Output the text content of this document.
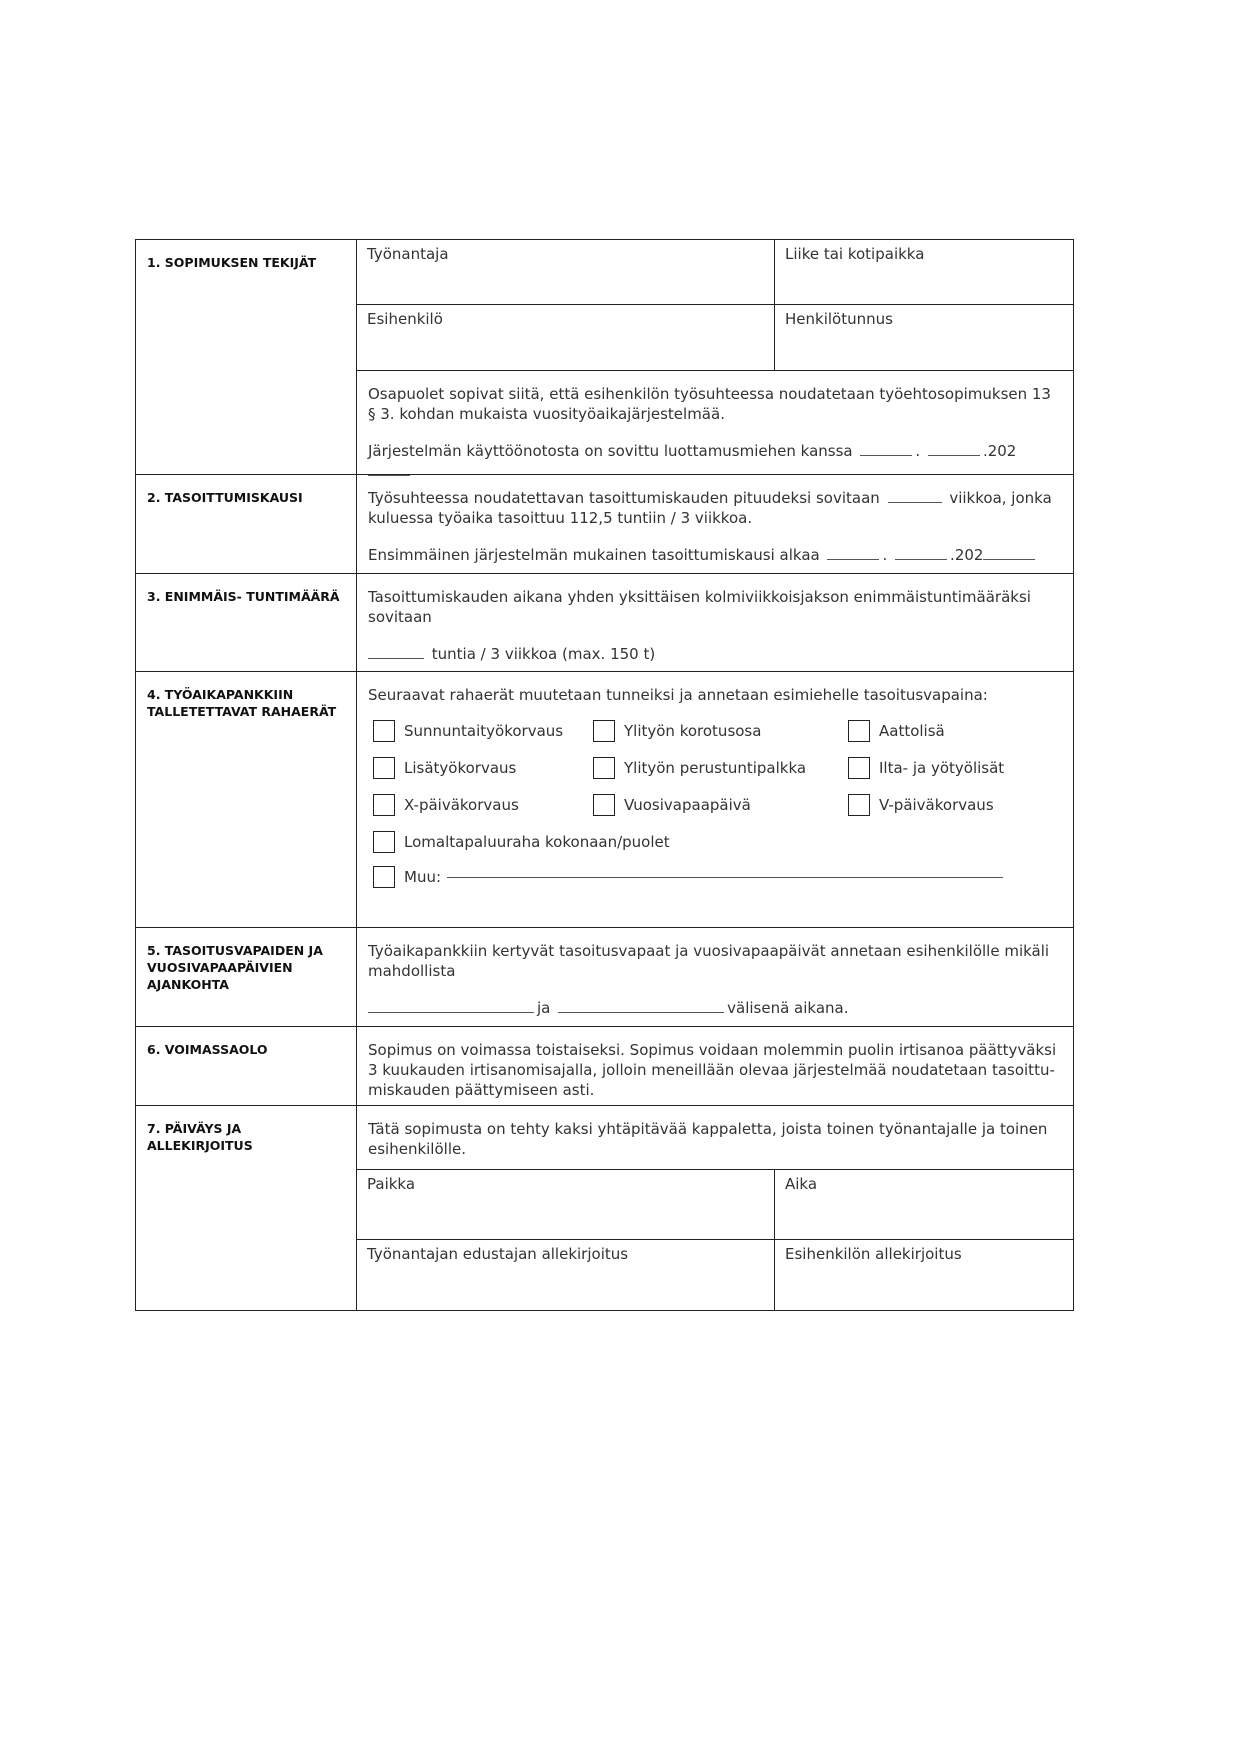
1. SOPIMUKSEN TEKIJÄT	Työnantaja	Liike tai kotipaikka
Esihenkilö	Henkilötunnus
Osapuolet sopivat siitä, että esihenkilön työsuhteessa noudatetaan työehtosopimuksen 13 § 3. kohdan mukaista vuosityöaikajärjestelmää.
Järjestelmän käyttöönotosta on sovittu luottamusmiehen kanssa	.	.202
2. TASOITTUMISKAUSI	Työsuhteessa noudatettavan tasoittumiskauden pituudeksi sovitaan	viikkoa, jonka kuluessa työaika tasoittuu 112,5 tuntiin / 3 viikkoa.
Ensimmäinen järjestelmän mukainen tasoittumiskausi alkaa	.	.202
3. ENIMMÄIS- TUNTIMÄÄRÄ	Tasoittumiskauden aikana yhden yksittäisen kolmiviikkoisjakson enimmäistuntimääräksi sovitaan
tuntia / 3 viikkoa (max. 150 t)
4. TYÖAIKAPANKKIIN TALLETETTAVAT RAHAERÄT
Seuraavat rahaerät muutetaan tunneiksi ja annetaan esimiehelle tasoitusvapaina:
Sunnuntaityökorvaus	Ylityön korotusosa	Aattolisä
Lisätyökorvaus	Ylityön perustuntipalkka	Ilta- ja yötyölisät
X-päiväkorvaus	Vuosivapaapäivä	V-päiväkorvaus
Lomaltapaluuraha kokonaan/puolet
Muu:
5. TASOITUSVAPAIDEN JA VUOSIVAPAAPÄIVIEN AJANKOHTA
Työaikapankkiin kertyvät tasoitusvapaat ja vuosivapaapäivät annetaan esihenkilölle mikäli mahdollista
ja	välisenä aikana.
6. VOIMASSAOLO	Sopimus on voimassa toistaiseksi. Sopimus voidaan molemmin puolin irtisanoa päättyväksi 3 kuukauden irtisanomisajalla, jolloin meneillään olevaa järjestelmää noudatetaan tasoittu-miskauden päättymiseen asti.
7. PÄIVÄYS JA ALLEKIRJOITUS
Tätä sopimusta on tehty kaksi yhtäpitävää kappaletta, joista toinen työnantajalle ja toinen esihenkilölle.
Paikka	Aika
Työnantajan edustajan allekirjoitus	Esihenkilön allekirjoitus
